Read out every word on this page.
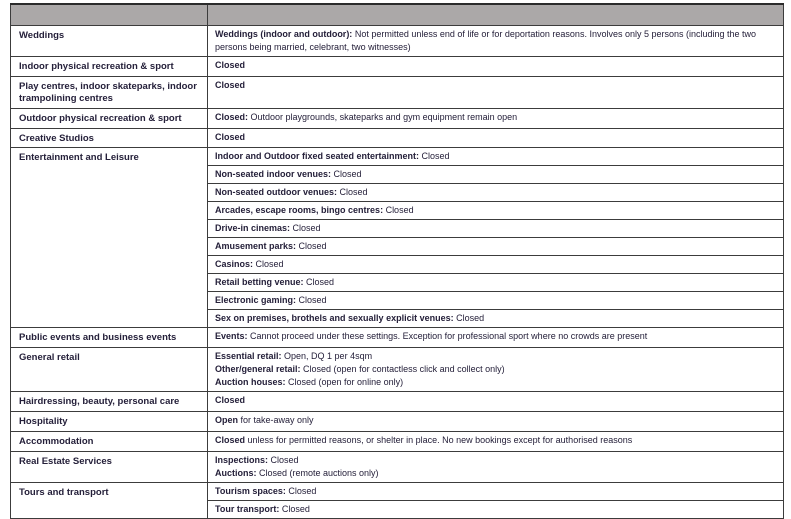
Weddings	Weddings (indoor and outdoor): Not permitted unless end of life or for deportation reasons. Involves only 5 persons (including the two persons being married, celebrant, two witnesses)

Indoor physical recreation & sport	Closed

Play centres, indoor skateparks, indoor trampolining centres	Closed

Outdoor physical recreation & sport	Closed: Outdoor playgrounds, skateparks and gym equipment remain open

Creative Studios	Closed

Entertainment and Leisure	Indoor and Outdoor fixed seated entertainment: Closed

	Non-seated indoor venues: Closed

	Non-seated outdoor venues: Closed

	Arcades, escape rooms, bingo centres: Closed

	Drive-in cinemas: Closed

	Amusement parks: Closed

	Casinos: Closed

	Retail betting venue: Closed

	Electronic gaming: Closed

	Sex on premises, brothels and sexually explicit venues: Closed

Public events and business events	Events: Cannot proceed under these settings. Exception for professional sport where no crowds are present

General retail	Essential retail: Open, DQ 1 per 4sqm
Other/general retail: Closed (open for contactless click and collect only)
Auction houses: Closed (open for online only)

Hairdressing, beauty, personal care	Closed

Hospitality	Open for take-away only

Accommodation	Closed unless for permitted reasons, or shelter in place. No new bookings except for authorised reasons

Real Estate Services	Inspections: Closed
Auctions: Closed (remote auctions only)

Tours and transport	Tourism spaces: Closed

	Tour transport: Closed
